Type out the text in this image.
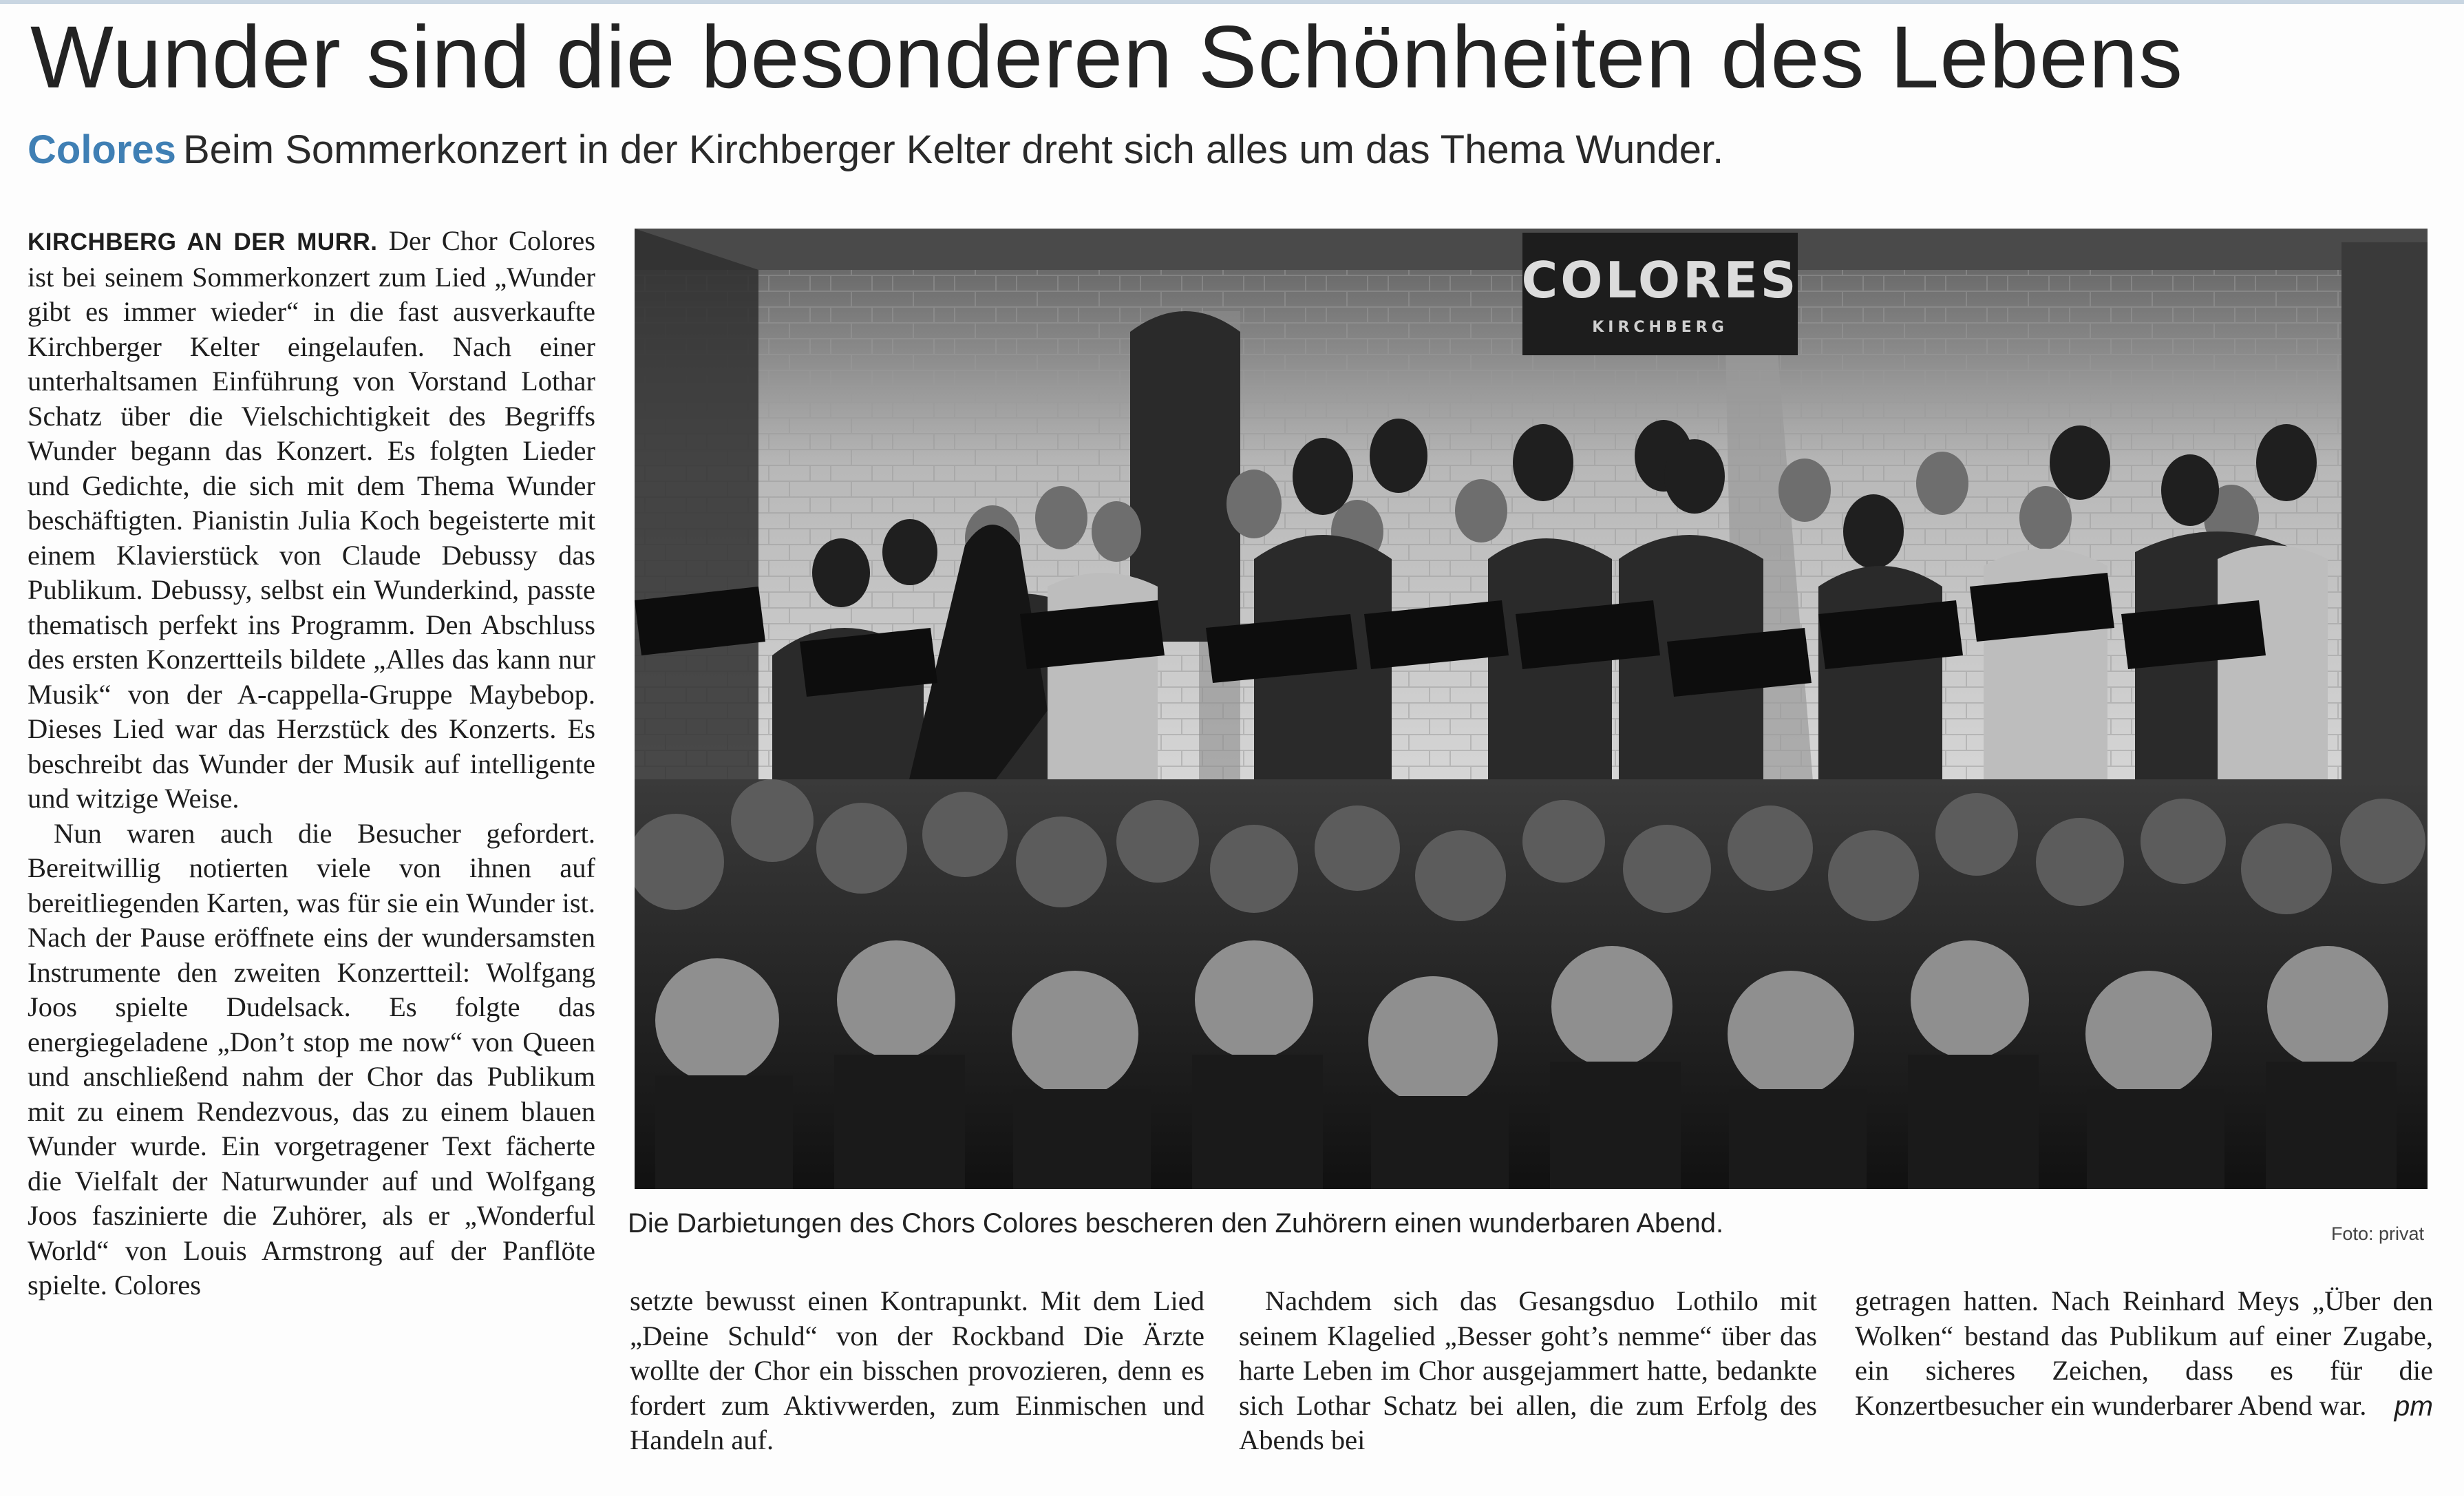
Wunder sind die besonderen Schönheiten des Lebens
Colores Beim Sommerkonzert in der Kirchberger Kelter dreht sich alles um das Thema Wunder.

KIRCHBERG AN DER MURR. Der Chor Colores ist bei seinem Sommerkonzert zum Lied „Wunder gibt es immer wieder“ in die fast ausverkaufte Kirchberger Kelter eingelaufen. Nach einer unterhaltsamen Einführung von Vorstand Lothar Schatz über die Vielschichtigkeit des Begriffs Wunder begann das Konzert. Es folgten Lieder und Gedichte, die sich mit dem Thema Wunder beschäftigten. Pianistin Julia Koch begeisterte mit einem Klavierstück von Claude Debussy das Publikum. Debussy, selbst ein Wunderkind, passte thematisch perfekt ins Programm. Den Abschluss des ersten Konzertteils bildete „Alles das kann nur Musik“ von der A-cappella-Gruppe Maybebop. Dieses Lied war das Herzstück des Konzerts. Es beschreibt das Wunder der Musik auf intelligente und witzige Weise.

Nun waren auch die Besucher gefordert. Bereitwillig notierten viele von ihnen auf bereitliegenden Karten, was für sie ein Wunder ist. Nach der Pause eröffnete eins der wundersamsten Instrumente den zweiten Konzertteil: Wolfgang Joos spielte Dudelsack. Es folgte das energiegeladene „Don’t stop me now“ von Queen und anschließend nahm der Chor das Publikum mit zu einem Rendezvous, das zu einem blauen Wunder wurde. Ein vorgetragener Text fächerte die Vielfalt der Naturwunder auf und Wolfgang Joos faszinierte die Zuhörer, als er „Wonderful World“ von Louis Armstrong auf der Panflöte spielte. Colores

COLORES
KIRCHBERG
Die Darbietungen des Chors Colores bescheren den Zuhörern einen wunderbaren Abend.	Foto: privat

setzte bewusst einen Kontrapunkt. Mit dem Lied „Deine Schuld“ von der Rockband Die Ärzte wollte der Chor ein bisschen provozieren, denn es fordert zum Aktivwerden, zum Einmischen und Handeln auf.

Nachdem sich das Gesangsduo Lothilo mit seinem Klagelied „Besser goht’s nemme“ über das harte Leben im Chor ausgejammert hatte, bedankte sich Lothar Schatz bei allen, die zum Erfolg des Abends bei

getragen hatten. Nach Reinhard Meys „Über den Wolken“ bestand das Publikum auf einer Zugabe, ein sicheres Zeichen, dass es für die Konzertbesucher ein wunderbarer Abend war. pm
